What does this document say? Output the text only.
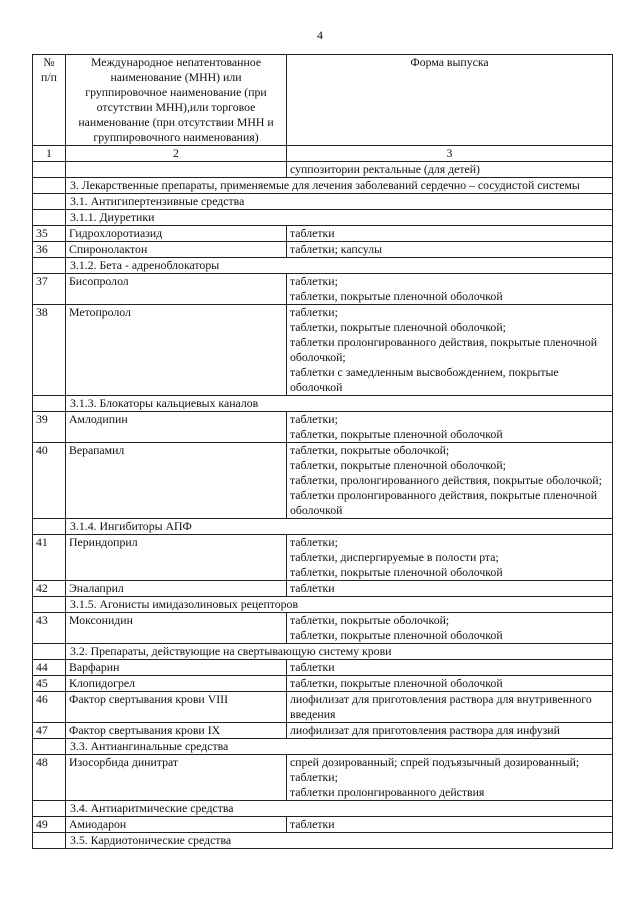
4
№
п/п	Международное непатентованное наименование (МНН) или группировочное наименование (при отсутствии МНН),или торговое наименование (при отсутствии МНН и группировочного наименования)	Форма выпуска
1	2	3

		суппозитории ректальные (для детей)

	3. Лекарственные препараты, применяемые для лечения заболеваний сердечно – сосудистой системы	
	3.1. Антигипертензивные средства	
	3.1.1. Диуретики	
35	Гидрохлоротиазид	таблетки

36	Спиронолактон	таблетки; капсулы

	3.1.2. Бета - адреноблокаторы	
37	Бисопролол	таблетки;
таблетки, покрытые пленочной оболочкой

38	Метопролол	таблетки;
таблетки, покрытые пленочной оболочкой;
таблетки пролонгированного действия, покрытые пленочной оболочкой;
таблетки с замедленным высвобождением, покрытые оболочкой

	3.1.3. Блокаторы кальциевых каналов	
39	Амлодипин	таблетки;
таблетки, покрытые пленочной оболочкой

40	Верапамил	таблетки, покрытые оболочкой;
таблетки, покрытые пленочной оболочкой;
таблетки, пролонгированного действия, покрытые оболочкой;
таблетки пролонгированного действия, покрытые пленочной оболочкой

	3.1.4. Ингибиторы АПФ	
41	Периндоприл	таблетки;
таблетки, диспергируемые в полости рта;
таблетки, покрытые пленочной оболочкой

42	Эналаприл	таблетки

	3.1.5. Агонисты имидазолиновых рецепторов	
43	Моксонидин	таблетки, покрытые оболочкой;
таблетки, покрытые пленочной оболочкой

	3.2. Препараты, действующие на свертывающую систему крови	
44	Варфарин	таблетки

45	Клопидогрел	таблетки, покрытые пленочной оболочкой

46	Фактор свертывания крови VIII	лиофилизат для приготовления раствора для внутривенного введения

47	Фактор свертывания крови IX	лиофилизат для приготовления раствора для инфузий

	3.3. Антиангинальные средства	
48	Изосорбида динитрат	спрей дозированный; спрей подъязычный дозированный; таблетки;
таблетки пролонгированного действия

	3.4. Антиаритмические средства	
49	Амиодарон	таблетки

	3.5. Кардиотонические средства	
